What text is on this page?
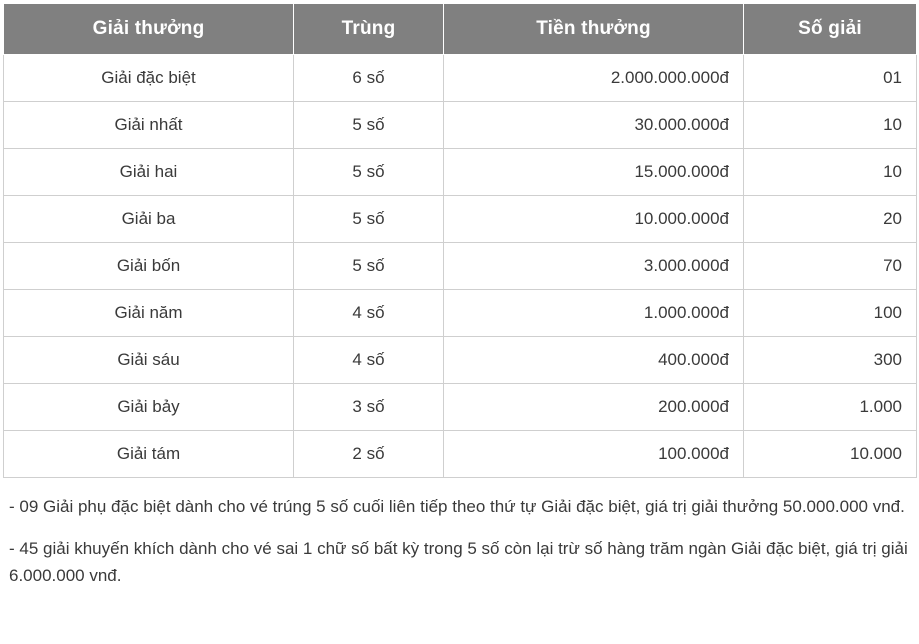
Giải thưởng	Trùng	Tiền thưởng	Số giải
Giải đặc biệt	6 số	2.000.000.000đ	01
Giải nhất	5 số	30.000.000đ	10
Giải hai	5 số	15.000.000đ	10
Giải ba	5 số	10.000.000đ	20
Giải bốn	5 số	3.000.000đ	70
Giải năm	4 số	1.000.000đ	100
Giải sáu	4 số	400.000đ	300
Giải bảy	3 số	200.000đ	1.000
Giải tám	2 số	100.000đ	10.000

- 09 Giải phụ đặc biệt dành cho vé trúng 5 số cuối liên tiếp theo thứ tự Giải đặc biệt, giá trị giải thưởng 50.000.000 vnđ.

- 45 giải khuyến khích dành cho vé sai 1 chữ số bất kỳ trong 5 số còn lại trừ số hàng trăm ngàn Giải đặc biệt, giá trị giải 6.000.000 vnđ.
